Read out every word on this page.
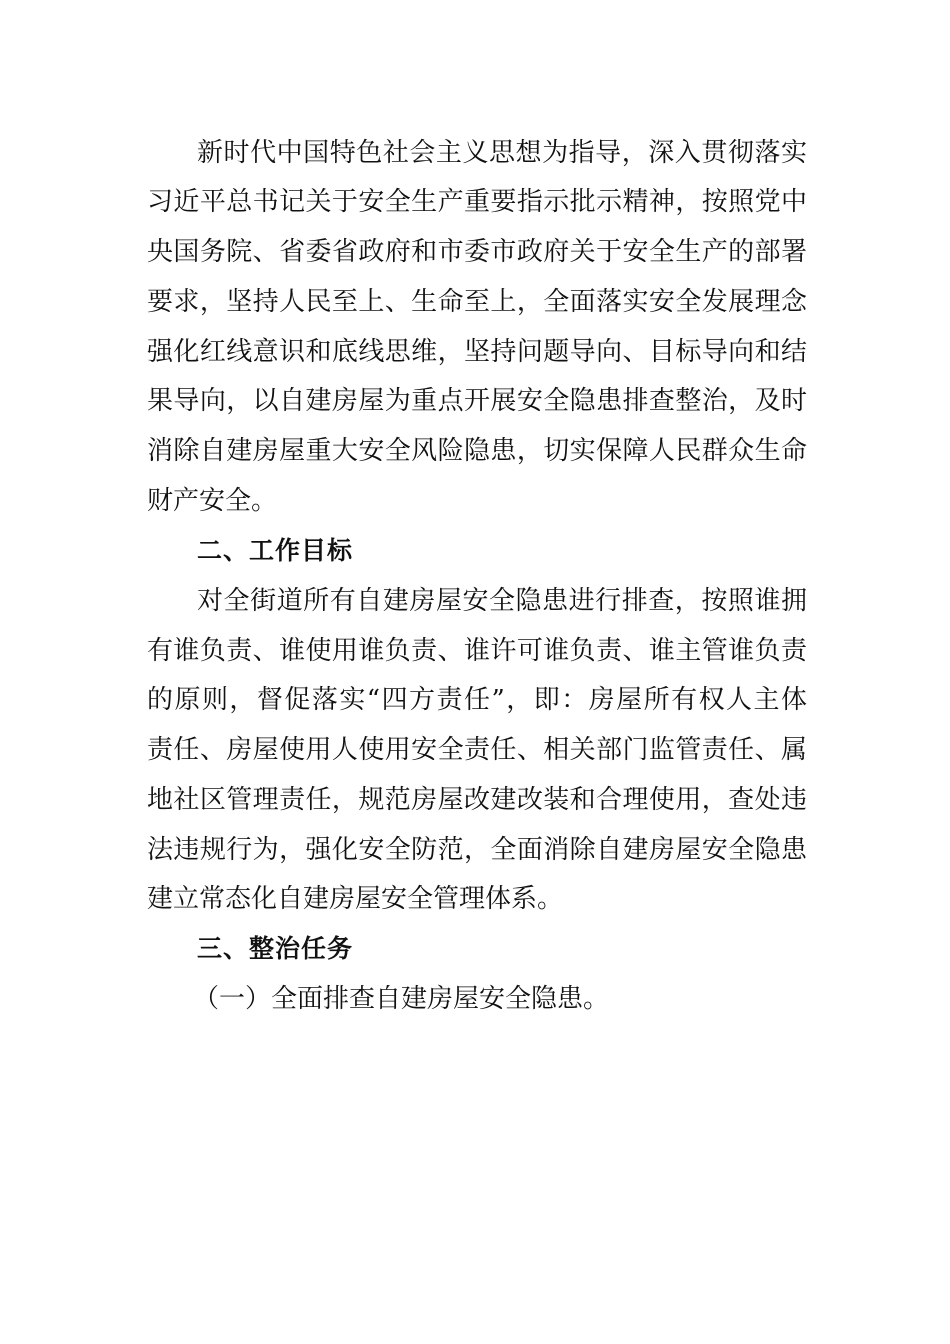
新时代中国特色社会主义思想为指导，深入贯彻落实
习近平总书记关于安全生产重要指示批示精神，按照党中
央国务院、省委省政府和市委市政府关于安全生产的部署
要求，坚持人民至上、生命至上，全面落实安全发展理念
强化红线意识和底线思维，坚持问题导向、目标导向和结
果导向，以自建房屋为重点开展安全隐患排查整治，及时
消除自建房屋重大安全风险隐患，切实保障人民群众生命
财产安全。
二、工作目标
对全街道所有自建房屋安全隐患进行排查，按照谁拥
有谁负责、谁使用谁负责、谁许可谁负责、谁主管谁负责
的原则，督促落实“四方责任”，即：房屋所有权人主体
责任、房屋使用人使用安全责任、相关部门监管责任、属
地社区管理责任，规范房屋改建改装和合理使用，查处违
法违规行为，强化安全防范，全面消除自建房屋安全隐患
建立常态化自建房屋安全管理体系。
三、整治任务
（一）全面排查自建房屋安全隐患。
